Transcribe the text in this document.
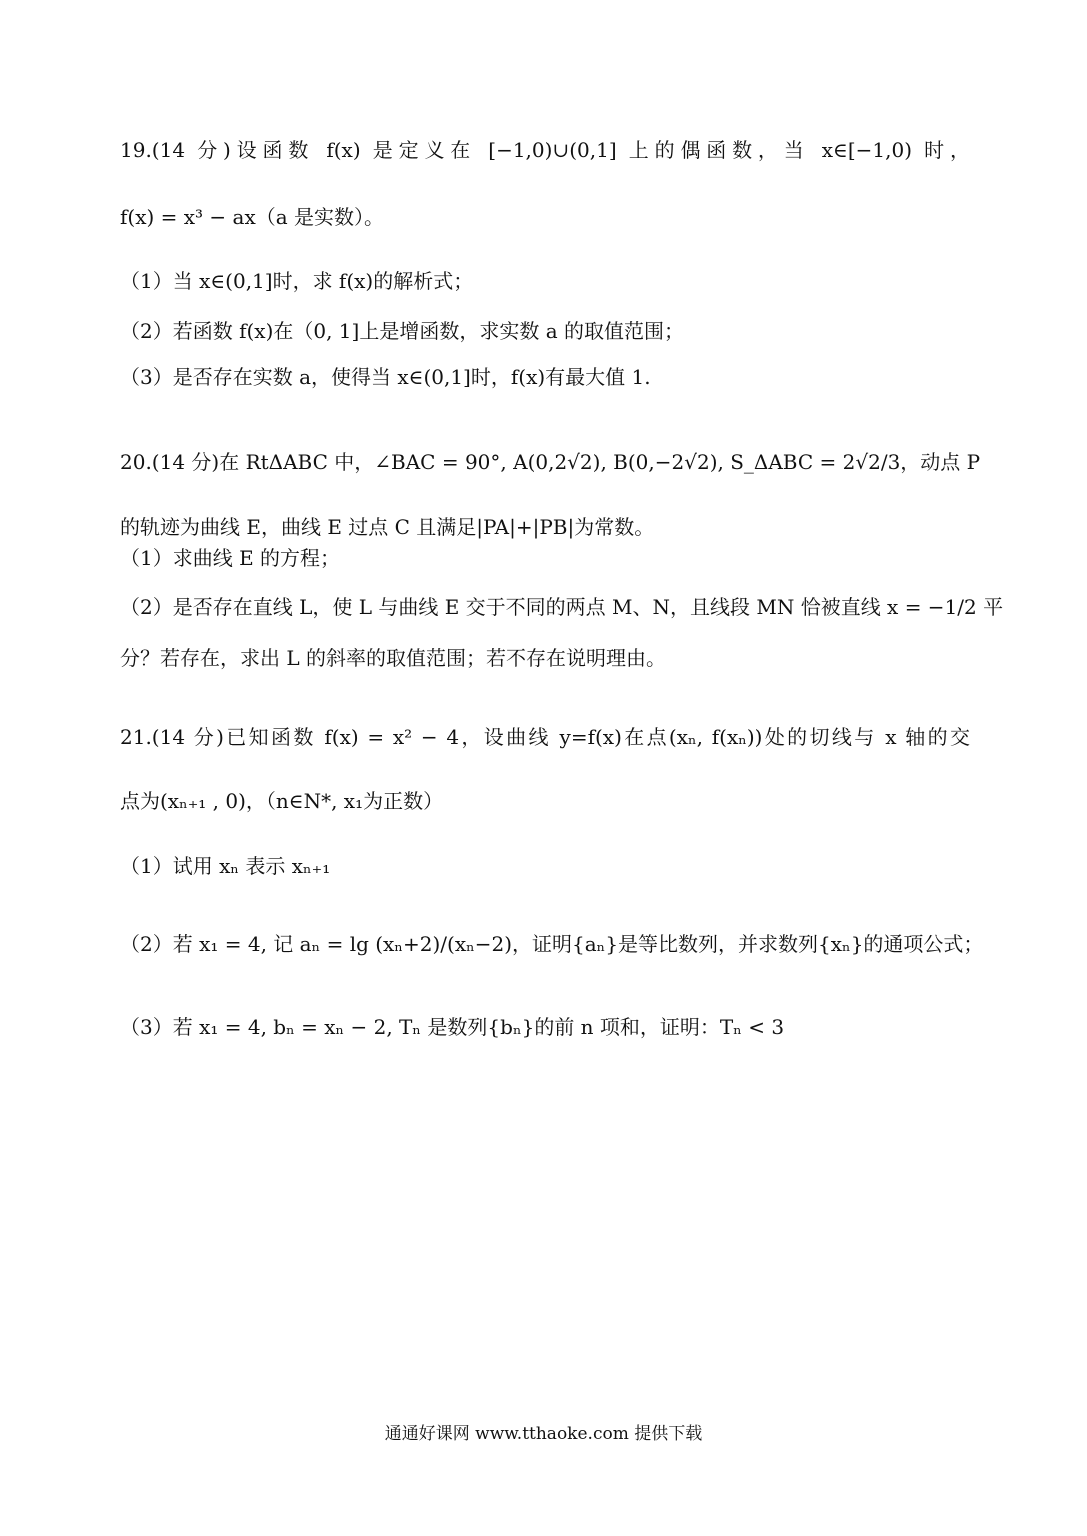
19.(14 分)设函数 f(x) 是定义在 [−1,0)∪(0,1] 上的偶函数，当 x∈[−1,0) 时，
f(x) = x³ − ax（a 是实数）。
（1）当 x∈(0,1]时，求 f(x)的解析式；
（2）若函数 f(x)在（0, 1]上是增函数，求实数 a 的取值范围；
（3）是否存在实数 a，使得当 x∈(0,1]时，f(x)有最大值 1.
20.(14 分)在 RtΔABC 中，∠BAC = 90°, A(0,2√2), B(0,−2√2), S_ΔABC = 2√2/3，动点 P
的轨迹为曲线 E，曲线 E 过点 C 且满足|PA|+|PB|为常数。
（1）求曲线 E 的方程；
（2）是否存在直线 L，使 L 与曲线 E 交于不同的两点 M、N，且线段 MN 恰被直线 x = −1/2 平
分？若存在，求出 L 的斜率的取值范围；若不存在说明理由。
21.(14 分)已知函数 f(x) = x² − 4，设曲线 y=f(x)在点(xₙ, f(xₙ))处的切线与 x 轴的交
点为(xₙ₊₁ , 0)，（n∈N*, x₁为正数）
（1）试用 xₙ 表示 xₙ₊₁
（2）若 x₁ = 4, 记 aₙ = lg (xₙ+2)/(xₙ−2)，证明{aₙ}是等比数列，并求数列{xₙ}的通项公式；
（3）若 x₁ = 4, bₙ = xₙ − 2, Tₙ 是数列{bₙ}的前 n 项和，证明：Tₙ < 3
通通好课网 www.tthaoke.com 提供下载
